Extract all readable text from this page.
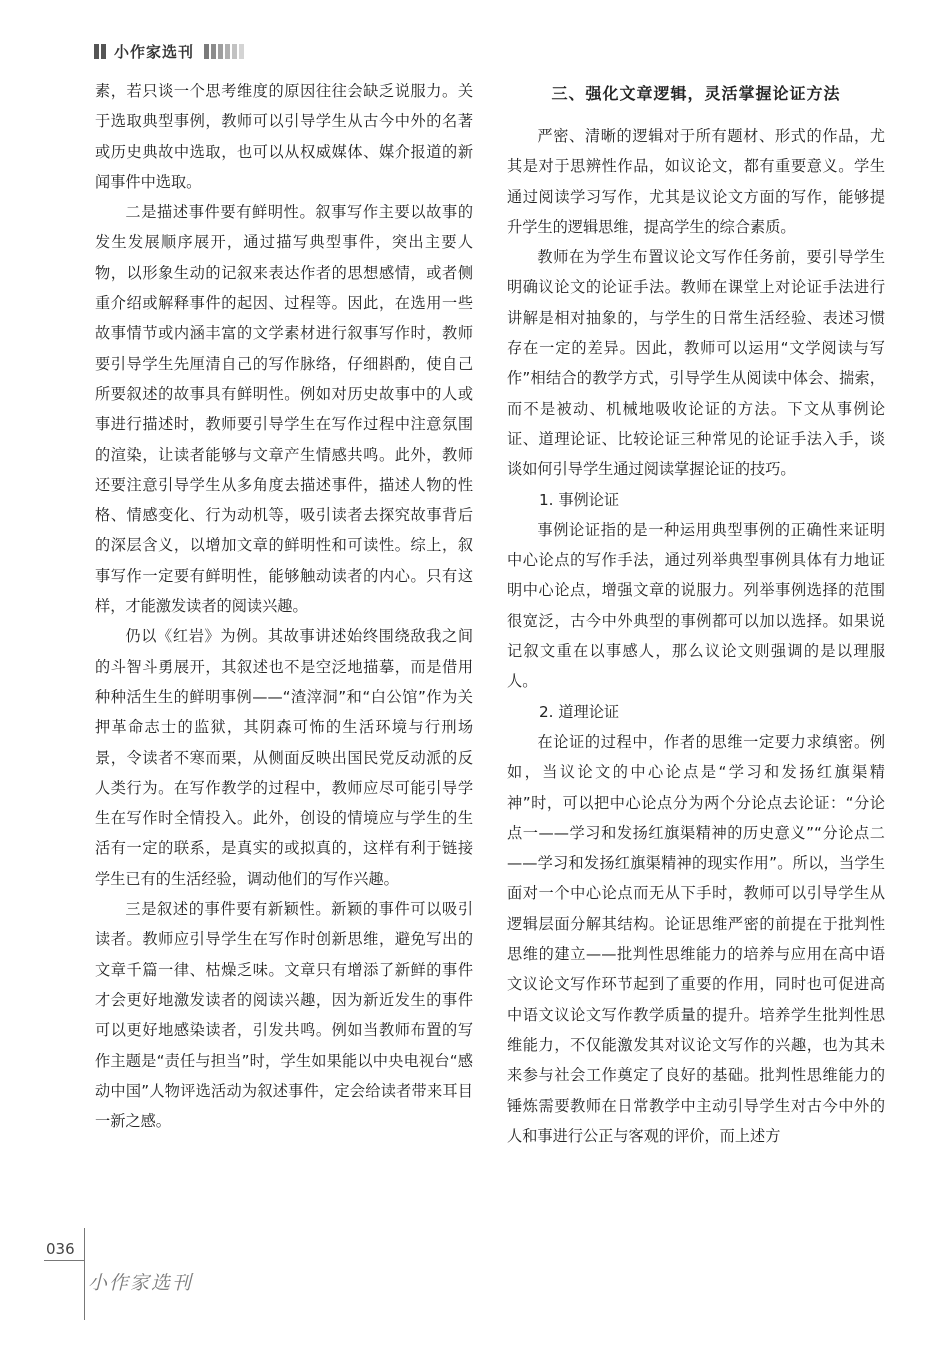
小作家选刊

素，若只谈一个思考维度的原因往往会缺乏说服力。关于选取典型事例，教师可以引导学生从古今中外的名著或历史典故中选取，也可以从权威媒体、媒介报道的新闻事件中选取。

二是描述事件要有鲜明性。叙事写作主要以故事的发生发展顺序展开，通过描写典型事件，突出主要人物，以形象生动的记叙来表达作者的思想感情，或者侧重介绍或解释事件的起因、过程等。因此，在选用一些故事情节或内涵丰富的文学素材进行叙事写作时，教师要引导学生先厘清自己的写作脉络，仔细斟酌，使自己所要叙述的故事具有鲜明性。例如对历史故事中的人或事进行描述时，教师要引导学生在写作过程中注意氛围的渲染，让读者能够与文章产生情感共鸣。此外，教师还要注意引导学生从多角度去描述事件，描述人物的性格、情感变化、行为动机等，吸引读者去探究故事背后的深层含义，以增加文章的鲜明性和可读性。综上，叙事写作一定要有鲜明性，能够触动读者的内心。只有这样，才能激发读者的阅读兴趣。

仍以《红岩》为例。其故事讲述始终围绕敌我之间的斗智斗勇展开，其叙述也不是空泛地描摹，而是借用种种活生生的鲜明事例——“渣滓洞”和“白公馆”作为关押革命志士的监狱，其阴森可怖的生活环境与行刑场景，令读者不寒而栗，从侧面反映出国民党反动派的反人类行为。在写作教学的过程中，教师应尽可能引导学生在写作时全情投入。此外，创设的情境应与学生的生活有一定的联系，是真实的或拟真的，这样有利于链接学生已有的生活经验，调动他们的写作兴趣。

三是叙述的事件要有新颖性。新颖的事件可以吸引读者。教师应引导学生在写作时创新思维，避免写出的文章千篇一律、枯燥乏味。文章只有增添了新鲜的事件才会更好地激发读者的阅读兴趣，因为新近发生的事件可以更好地感染读者，引发共鸣。例如当教师布置的写作主题是“责任与担当”时，学生如果能以中央电视台“感动中国”人物评选活动为叙述事件，定会给读者带来耳目一新之感。

三、强化文章逻辑，灵活掌握论证方法

严密、清晰的逻辑对于所有题材、形式的作品，尤其是对于思辨性作品，如议论文，都有重要意义。学生通过阅读学习写作，尤其是议论文方面的写作，能够提升学生的逻辑思维，提高学生的综合素质。

教师在为学生布置议论文写作任务前，要引导学生明确议论文的论证手法。教师在课堂上对论证手法进行讲解是相对抽象的，与学生的日常生活经验、表述习惯存在一定的差异。因此，教师可以运用“文学阅读与写作”相结合的教学方式，引导学生从阅读中体会、揣索，而不是被动、机械地吸收论证的方法。下文从事例论证、道理论证、比较论证三种常见的论证手法入手，谈谈如何引导学生通过阅读掌握论证的技巧。

1. 事例论证

事例论证指的是一种运用典型事例的正确性来证明中心论点的写作手法，通过列举典型事例具体有力地证明中心论点，增强文章的说服力。列举事例选择的范围很宽泛，古今中外典型的事例都可以加以选择。如果说记叙文重在以事感人，那么议论文则强调的是以理服人。

2. 道理论证

在论证的过程中，作者的思维一定要力求缜密。例如，当议论文的中心论点是“学习和发扬红旗渠精神”时，可以把中心论点分为两个分论点去论证：“分论点一——学习和发扬红旗渠精神的历史意义”“分论点二——学习和发扬红旗渠精神的现实作用”。所以，当学生面对一个中心论点而无从下手时，教师可以引导学生从逻辑层面分解其结构。论证思维严密的前提在于批判性思维的建立——批判性思维能力的培养与应用在高中语文议论文写作环节起到了重要的作用，同时也可促进高中语文议论文写作教学质量的提升。培养学生批判性思维能力，不仅能激发其对议论文写作的兴趣，也为其未来参与社会工作奠定了良好的基础。批判性思维能力的锤炼需要教师在日常教学中主动引导学生对古今中外的人和事进行公正与客观的评价，而上述方

036
小作家选刊
